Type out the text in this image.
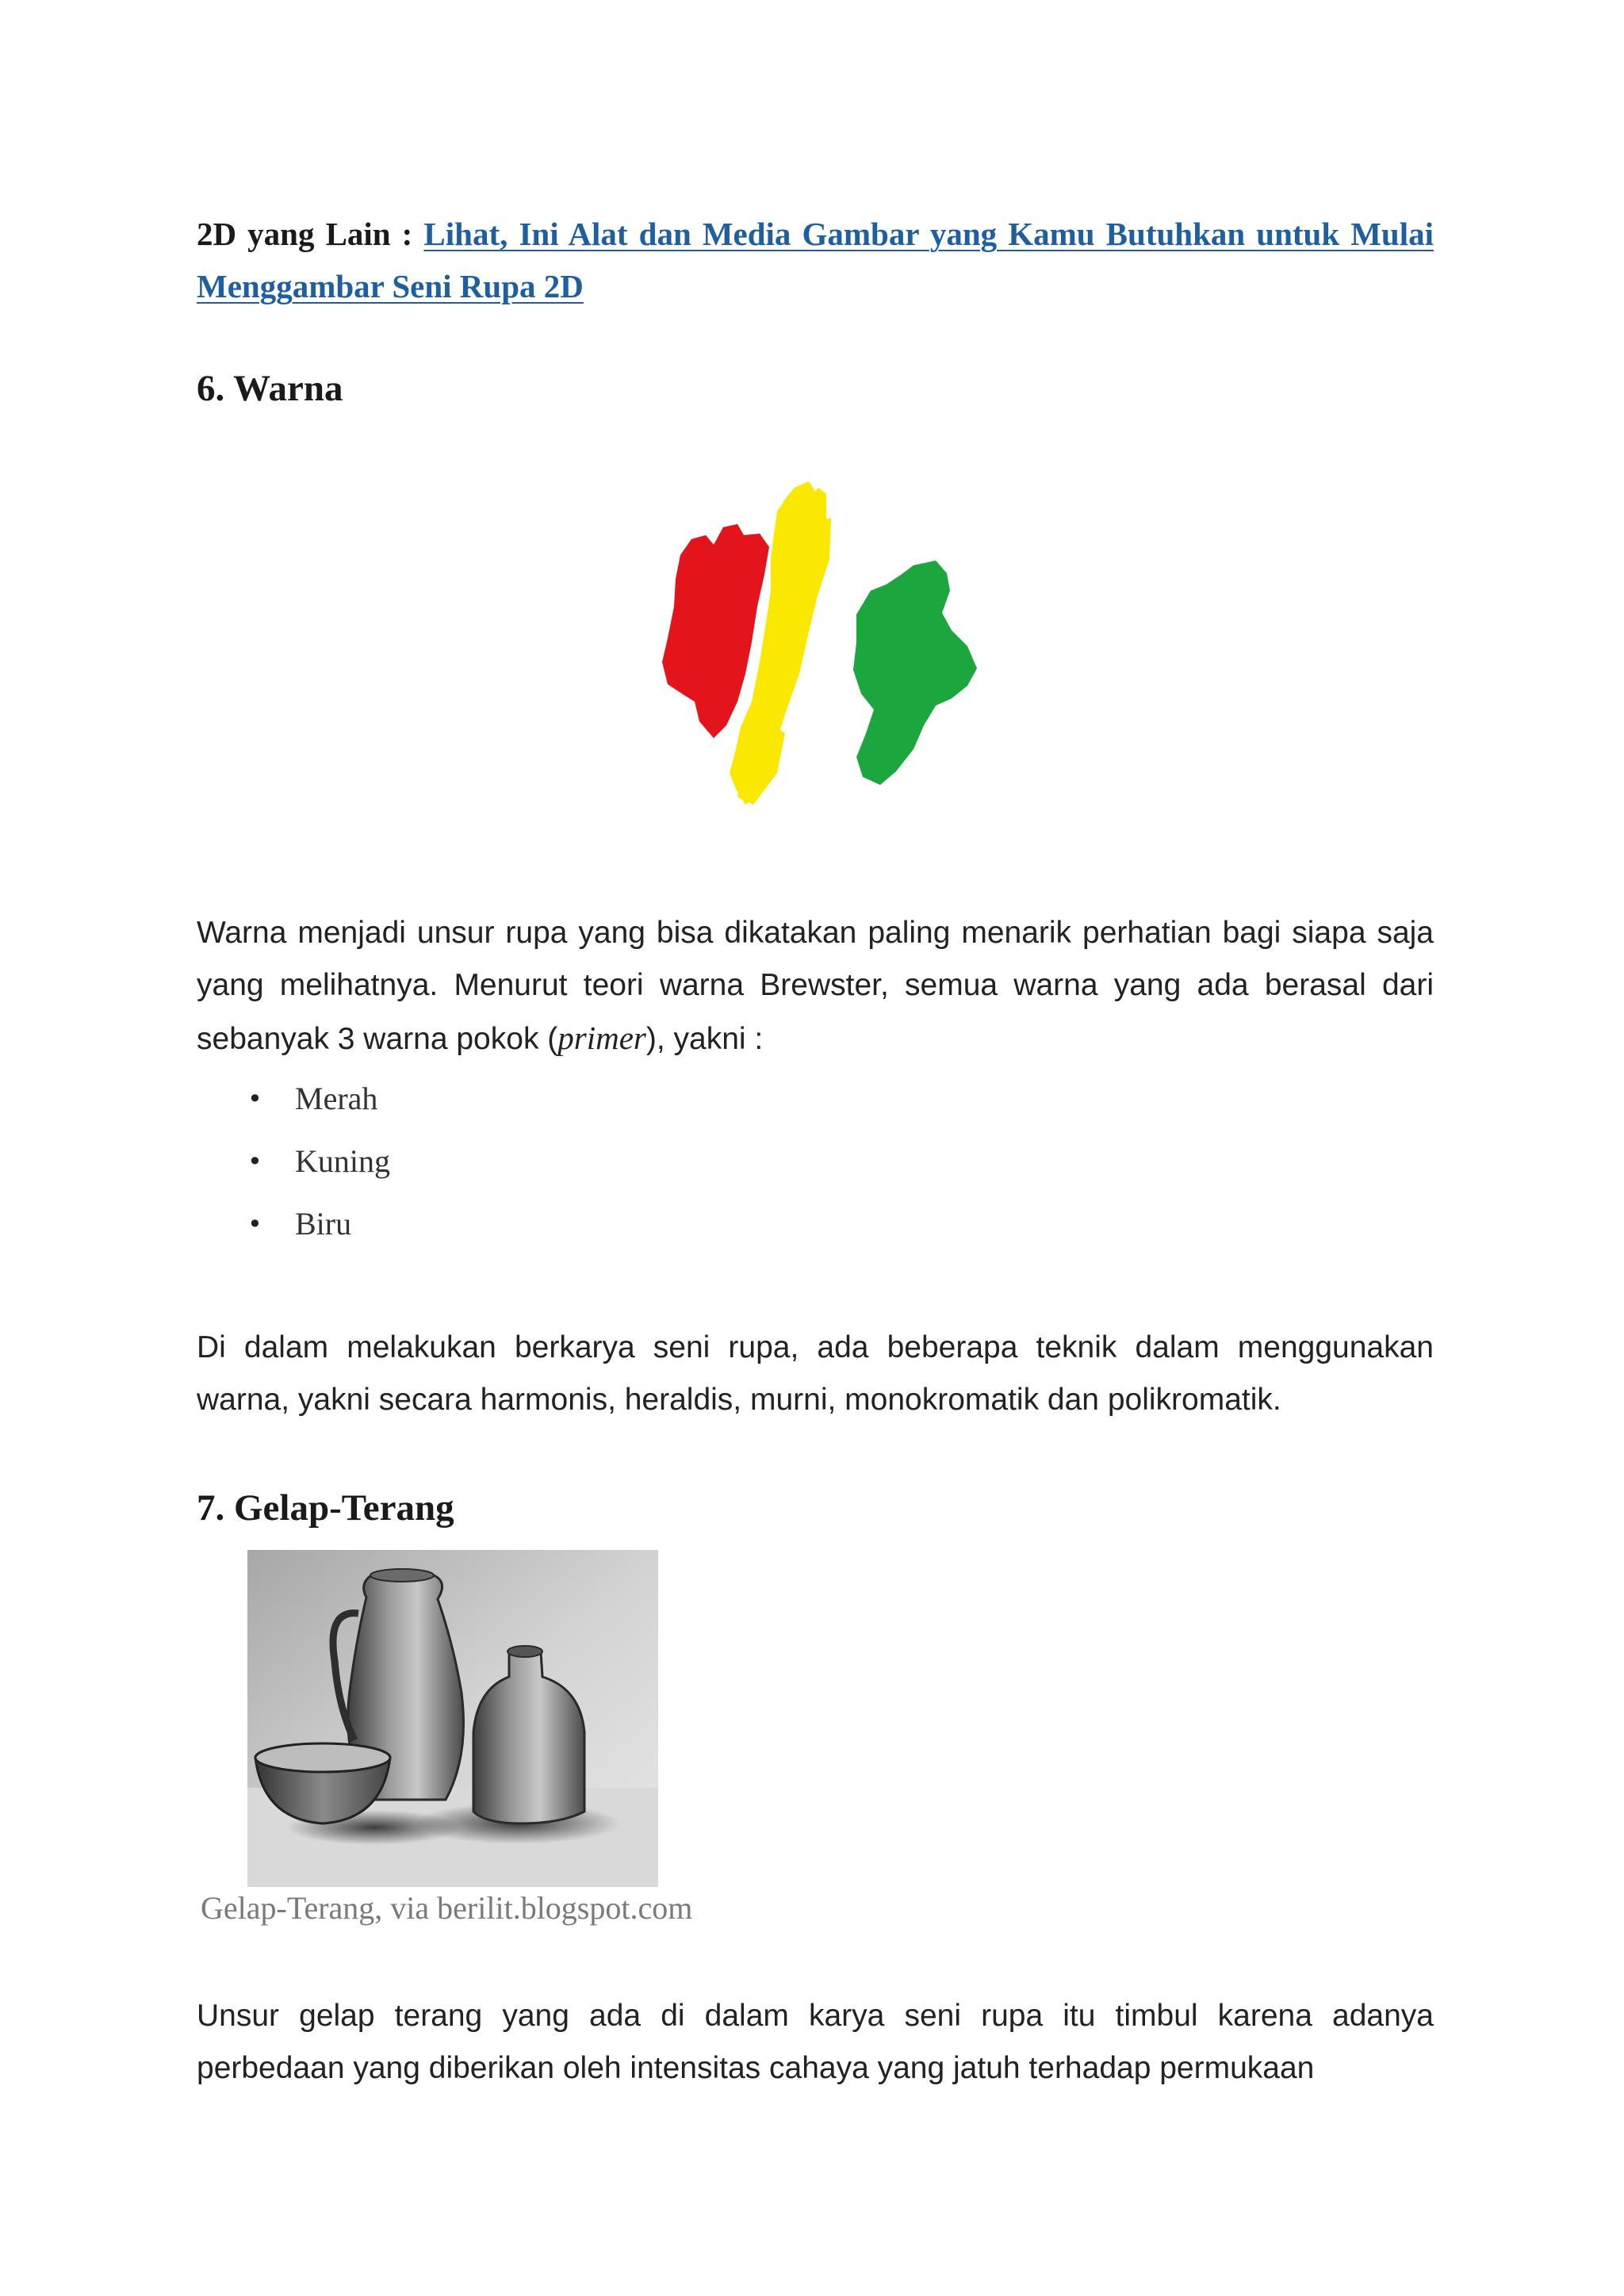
2D yang Lain : Lihat, Ini Alat dan Media Gambar yang Kamu Butuhkan untuk Mulai Menggambar Seni Rupa 2D
6. Warna
Warna menjadi unsur rupa yang bisa dikatakan paling menarik perhatian bagi siapa saja yang melihatnya. Menurut teori warna Brewster, semua warna yang ada berasal dari sebanyak 3 warna pokok (primer), yakni :
• Merah
• Kuning
• Biru
Di dalam melakukan berkarya seni rupa, ada beberapa teknik dalam menggunakan warna, yakni secara harmonis, heraldis, murni, monokromatik dan polikromatik.
7. Gelap-Terang
Gelap-Terang, via berilit.blogspot.com
Unsur gelap terang yang ada di dalam karya seni rupa itu timbul karena adanya perbedaan yang diberikan oleh intensitas cahaya yang jatuh terhadap permukaan
